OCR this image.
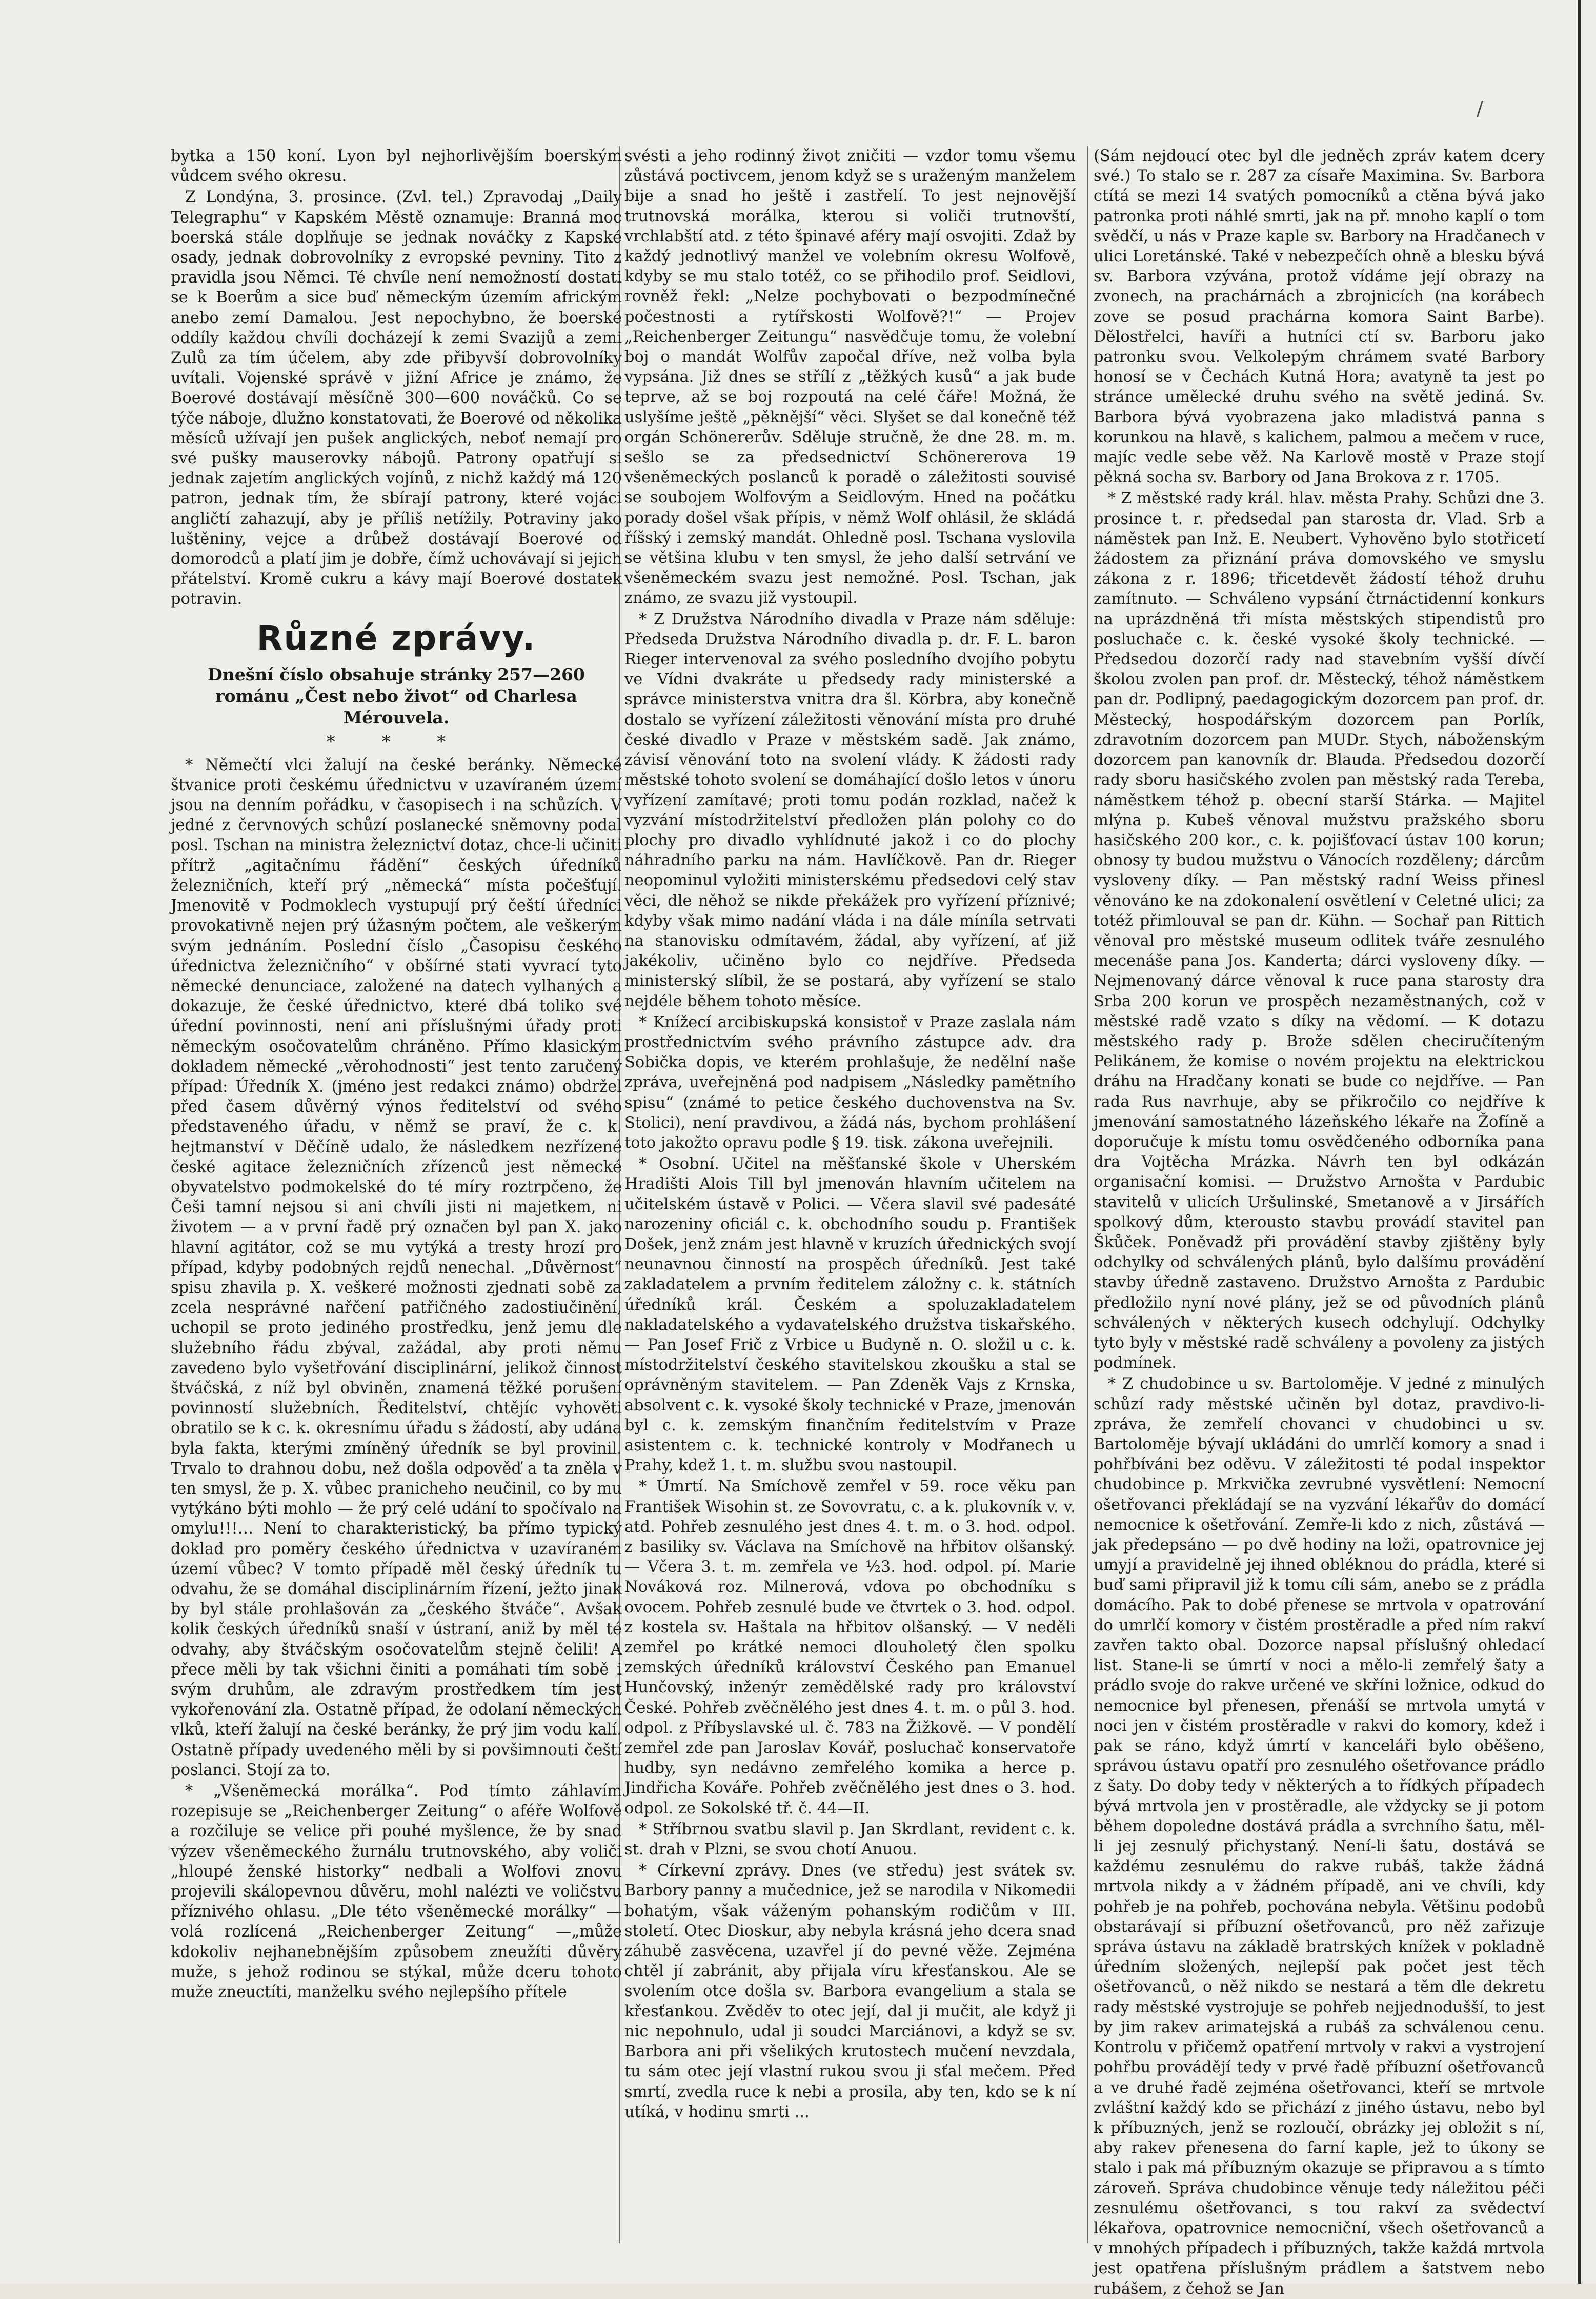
/

bytka a 150 koní. Lyon byl nejhorlivějším boerským vůdcem svého okresu.

Z Londýna, 3. prosince. (Zvl. tel.) Zpravodaj „Daily Telegraphu“ v Kapském Městě oznamuje: Branná moc boerská stále doplňuje se jednak nováčky z Kapské osady, jednak dobrovolníky z evropské pevniny. Tito z pravidla jsou Němci. Té chvíle není nemožností dostati se k Boerům a sice buď německým územím africkým anebo zemí Damalou. Jest nepochybno, že boerské oddíly každou chvíli docházejí k zemi Svazijů a zemi Zulů za tím účelem, aby zde přibyvší dobrovolníky uvítali. Vojenské správě v jižní Africe je známo, že Boerové dostávají měsíčně 300—600 nováčků. Co se týče náboje, dlužno konstatovati, že Boerové od několika měsíců užívají jen pušek anglických, neboť nemají pro své pušky mauserovky nábojů. Patrony opatřují si jednak zajetím anglických vojínů, z nichž každý má 120 patron, jednak tím, že sbírají patrony, které vojáci angličtí zahazují, aby je příliš netížily. Potraviny jako luštěniny, vejce a drůbež dostávají Boerové od domorodců a platí jim je dobře, čímž uchovávají si jejich přátelství. Kromě cukru a kávy mají Boerové dostatek potravin.

Různé zprávy.
Dnešní číslo obsahuje stránky 257—260 románu „Čest nebo život“ od Charlesa Mérouvela.
* * *

* Němečtí vlci žalují na české beránky. Německé štvanice proti českému úřednictvu v uzavíraném území jsou na denním pořádku, v časopisech i na schůzích. V jedné z červnových schůzí poslanecké sněmovny podal posl. Tschan na ministra železnictví dotaz, chce-li učiniti přítrž „agitačnímu řádění“ českých úředníků železničních, kteří prý „německá“ místa počešťují. Jmenovitě v Podmoklech vystupují prý čeští úředníci provokativně nejen prý úžasným počtem, ale veškerým svým jednáním. Poslední číslo „Časopisu českého úřednictva železničního“ v obšírné stati vyvrací tyto německé denunciace, založené na datech vylhaných a dokazuje, že české úřednictvo, které dbá toliko své úřední povinnosti, není ani příslušnými úřady proti německým osočovatelům chráněno. Přímo klasickým dokladem německé „věrohodnosti“ jest tento zaručený případ: Úředník X. (jméno jest redakci známo) obdržel před časem důvěrný výnos ředitelství od svého představeného úřadu, v němž se praví, že c. k. hejtmanství v Děčíně udalo, že následkem nezřízené české agitace železničních zřízenců jest německé obyvatelstvo podmokelské do té míry roztrpčeno, že Češi tamní nejsou si ani chvíli jisti ni majetkem, ni životem — a v první řadě prý označen byl pan X. jako hlavní agitátor, což se mu vytýká a tresty hrozí pro případ, kdyby podobných rejdů nenechal. „Důvěrnost“ spisu zhavila p. X. veškeré možnosti zjednati sobě za zcela nesprávné nařčení patřičného zadostiučinění, uchopil se proto jediného prostředku, jenž jemu dle služebního řádu zbýval, zažádal, aby proti němu zavedeno bylo vyšetřování disciplinární, jelikož činnost štváčská, z níž byl obviněn, znamená těžké porušení povinností služebních. Ředitelství, chtějíc vyhověti obratilo se k c. k. okresnímu úřadu s žádostí, aby udána byla fakta, kterými zmíněný úředník se byl provinil. Trvalo to drahnou dobu, než došla odpověď a ta zněla v ten smysl, že p. X. vůbec pranicheho neučinil, co by mu vytýkáno býti mohlo — že prý celé udání to spočívalo na omylu!!!… Není to charakteristický, ba přímo typický doklad pro poměry českého úřednictva v uzavíraném území vůbec? V tomto případě měl český úředník tu odvahu, že se domáhal disciplinárním řízení, ježto jinak by byl stále prohlašován za „českého štváče“. Avšak kolik českých úředníků snaší v ústraní, aniž by měl té odvahy, aby štváčským osočovatelům stejně čelili! A přece měli by tak všichni činiti a pomáhati tím sobě i svým druhům, ale zdravým prostředkem tím jest vykořenování zla. Ostatně případ, že odolaní německých vlků, kteří žalují na české beránky, že prý jim vodu kalí. Ostatně případy uvedeného měli by si povšimnouti čeští poslanci. Stojí za to.

* „Všeněmecká morálka“. Pod tímto záhlavím rozepisuje se „Reichenberger Zeitung“ o aféře Wolfově a rozčiluje se velice při pouhé myšlence, že by snad výzev všeněmeckého žurnálu trutnovského, aby voliči „hloupé ženské historky“ nedbali a Wolfovi znovu projevili skálopevnou důvěru, mohl nalézti ve voličstvu příznivého ohlasu. „Dle této všeněmecké morálky“ — volá rozlícená „Reichenberger Zeitung“ —„může kdokoliv nejhanebnějším způsobem zneužíti důvěry muže, s jehož rodinou se stýkal, může dceru tohoto muže zneuctíti, manželku svého nejlepšího přítele

svésti a jeho rodinný život zničiti — vzdor tomu všemu zůstává poctivcem, jenom když se s uraženým manželem bije a snad ho ještě i zastřelí. To jest nejnovější trutnovská morálka, kterou si voliči trutnovští, vrchlabští atd. z této špinavé aféry mají osvojiti. Zdaž by každý jednotlivý manžel ve volebním okresu Wolfově, kdyby se mu stalo totéž, co se přihodilo prof. Seidlovi, rovněž řekl: „Nelze pochybovati o bezpodmínečné počestnosti a rytířskosti Wolfově?!“ — Projev „Reichenberger Zeitungu“ nasvědčuje tomu, že volební boj o mandát Wolfův započal dříve, než volba byla vypsána. Již dnes se střílí z „těžkých kusů“ a jak bude teprve, až se boj rozpoutá na celé čáře! Možná, že uslyšíme ještě „pěknější“ věci. Slyšet se dal konečně též orgán Schönererův. Sděluje stručně, že dne 28. m. m. sešlo se za předsednictví Schönererova 19 všeněmeckých poslanců k poradě o záležitosti souvisé se soubojem Wolfovým a Seidlovým. Hned na počátku porady došel však přípis, v němž Wolf ohlásil, že skládá říšský i zemský mandát. Ohledně posl. Tschana vyslovila se většina klubu v ten smysl, že jeho další setrvání ve všeněmeckém svazu jest nemožné. Posl. Tschan, jak známo, ze svazu již vystoupil.

* Z Družstva Národního divadla v Praze nám sděluje: Předseda Družstva Národního divadla p. dr. F. L. baron Rieger intervenoval za svého posledního dvojího pobytu ve Vídni dvakráte u předsedy rady ministerské a správce ministerstva vnitra dra šl. Körbra, aby konečně dostalo se vyřízení záležitosti věnování místa pro druhé české divadlo v Praze v městském sadě. Jak známo, závisí věnování toto na svolení vlády. K žádosti rady městské tohoto svolení se domáhající došlo letos v únoru vyřízení zamítavé; proti tomu podán rozklad, načež k vyzvání místodržitelství předložen plán polohy co do plochy pro divadlo vyhlídnuté jakož i co do plochy náhradního parku na nám. Havlíčkově. Pan dr. Rieger neopominul vyložiti ministerskému předsedovi celý stav věci, dle něhož se nikde překážek pro vyřízení příznivé; kdyby však mimo nadání vláda i na dále míníla setrvati na stanovisku odmítavém, žádal, aby vyřízení, ať již jakékoliv, učiněno bylo co nejdříve. Předseda ministerský slíbil, že se postará, aby vyřízení se stalo nejdéle během tohoto měsíce.

* Knížecí arcibiskupská konsistoř v Praze zaslala nám prostřednictvím svého právního zástupce adv. dra Sobička dopis, ve kterém prohlašuje, že nedělní naše zpráva, uveřejněná pod nadpisem „Následky pamětního spisu“ (známé to petice českého duchovenstva na Sv. Stolici), není pravdivou, a žádá nás, bychom prohlášení toto jakožto opravu podle § 19. tisk. zákona uveřejnili.

* Osobní. Učitel na měšťanské škole v Uherském Hradišti Alois Till byl jmenován hlavním učitelem na učitelském ústavě v Polici. — Včera slavil své padesáté narozeniny oficiál c. k. obchodního soudu p. František Došek, jenž znám jest hlavně v kruzích úřednických svojí neunavnou činností na prospěch úředníků. Jest také zakladatelem a prvním ředitelem záložny c. k. státních úředníků král. Českém a spoluzakladatelem nakladatelského a vydavatelského družstva tiskařského. — Pan Josef Frič z Vrbice u Budyně n. O. složil u c. k. místodržitelství českého stavitelskou zkoušku a stal se oprávněným stavitelem. — Pan Zdeněk Vajs z Krnska, absolvent c. k. vysoké školy technické v Praze, jmenován byl c. k. zemským finančním ředitelstvím v Praze asistentem c. k. technické kontroly v Modřanech u Prahy, kdež 1. t. m. službu svou nastoupil.

* Úmrtí. Na Smíchově zemřel v 59. roce věku pan František Wisohin st. ze Sovovratu, c. a k. plukovník v. v. atd. Pohřeb zesnulého jest dnes 4. t. m. o 3. hod. odpol. z basiliky sv. Václava na Smíchově na hřbitov olšanský. — Včera 3. t. m. zemřela ve ½3. hod. odpol. pí. Marie Nováková roz. Milnerová, vdova po obchodníku s ovocem. Pohřeb zesnulé bude ve čtvrtek o 3. hod. odpol. z kostela sv. Haštala na hřbitov olšanský. — V neděli zemřel po krátké nemoci dlouholetý člen spolku zemských úředníků království Českého pan Emanuel Hunčovský, inženýr zemědělské rady pro království České. Pohřeb zvěčnělého jest dnes 4. t. m. o půl 3. hod. odpol. z Příbyslavské ul. č. 783 na Žižkově. — V pondělí zemřel zde pan Jaroslav Kovář, posluchač konservatoře hudby, syn nedávno zemřelého komika a herce p. Jindřicha Kováře. Pohřeb zvěčnělého jest dnes o 3. hod. odpol. ze Sokolské tř. č. 44—II.

* Stříbrnou svatbu slavil p. Jan Skrdlant, revident c. k. st. drah v Plzni, se svou chotí Anuou.

* Církevní zprávy. Dnes (ve středu) jest svátek sv. Barbory panny a mučednice, jež se narodila v Nikomedii bohatým, však váženým pohanským rodičům v III. století. Otec Dioskur, aby nebyla krásná jeho dcera snad záhubě zasvěcena, uzavřel jí do pevné věže. Zejména chtěl jí zabránit, aby přijala víru křesťanskou. Ale se svolením otce došla sv. Barbora evangelium a stala se křesťankou. Zvěděv to otec její, dal ji mučit, ale když ji nic nepohnulo, udal ji soudci Marciánovi, a když se sv. Barbora ani při všelikých krutostech mučení nevzdala, tu sám otec její vlastní rukou svou ji sťal mečem. Před smrtí, zvedla ruce k nebi a prosila, aby ten, kdo se k ní utíká, v hodinu smrti ...

(Sám nejdoucí otec byl dle jedněch zpráv katem dcery své.) To stalo se r. 287 za císaře Maximina. Sv. Barbora ctítá se mezi 14 svatých pomocníků a ctěna bývá jako patronka proti náhlé smrti, jak na př. mnoho kaplí o tom svědčí, u nás v Praze kaple sv. Barbory na Hradčanech v ulici Loretánské. Také v nebezpečích ohně a blesku bývá sv. Barbora vzývána, protož vídáme její obrazy na zvonech, na prachárnách a zbrojnicích (na korábech zove se posud prachárna komora Saint Barbe). Dělostřelci, havíři a hutníci ctí sv. Barboru jako patronku svou. Velkolepým chrámem svaté Barbory honosí se v Čechách Kutná Hora; avatyně ta jest po stránce umělecké druhu svého na světě jediná. Sv. Barbora bývá vyobrazena jako mladistvá panna s korunkou na hlavě, s kalichem, palmou a mečem v ruce, majíc vedle sebe věž. Na Karlově mostě v Praze stojí pěkná socha sv. Barbory od Jana Brokova z r. 1705.

* Z městské rady král. hlav. města Prahy. Schůzi dne 3. prosince t. r. předsedal pan starosta dr. Vlad. Srb a náměstek pan Inž. E. Neubert. Vyhověno bylo stotřicetí žádostem za přiznání práva domovského ve smyslu zákona z r. 1896; třicetdevět žádostí téhož druhu zamítnuto. — Schváleno vypsání čtrnáctidenní konkurs na uprázdněná tři místa městských stipendistů pro posluchače c. k. české vysoké školy technické. — Předsedou dozorčí rady nad stavebním vyšší dívčí školou zvolen pan prof. dr. Městecký, téhož náměstkem pan dr. Podlipný, paedagogickým dozorcem pan prof. dr. Městecký, hospodářským dozorcem pan Porlík, zdravotním dozorcem pan MUDr. Stych, náboženským dozorcem pan kanovník dr. Blauda. Předsedou dozorčí rady sboru hasičského zvolen pan městský rada Tereba, náměstkem téhož p. obecní starší Stárka. — Majitel mlýna p. Kubeš věnoval mužstvu pražského sboru hasičského 200 kor., c. k. pojišťovací ústav 100 korun; obnosy ty budou mužstvu o Vánocích rozděleny; dárcům vysloveny díky. — Pan městský radní Weiss přinesl věnováno ke na zdokonalení osvětlení v Celetné ulici; za totéž přimlouval se pan dr. Kühn. — Sochař pan Rittich věnoval pro městské museum odlitek tváře zesnulého mecenáše pana Jos. Kanderta; dárci vysloveny díky. — Nejmenovaný dárce věnoval k ruce pana starosty dra Srba 200 korun ve prospěch nezaměstnaných, což v městské radě vzato s díky na vědomí. — K dotazu městského rady p. Brože sdělen checiručíteným Pelikánem, že komise o novém projektu na elektrickou dráhu na Hradčany konati se bude co nejdříve. — Pan rada Rus navrhuje, aby se přikročilo co nejdříve k jmenování samostatného lázeňského lékaře na Žofíně a doporučuje k místu tomu osvědčeného odborníka pana dra Vojtěcha Mrázka. Návrh ten byl odkázán organisační komisi. — Družstvo Arnošta v Pardubic stavitelů v ulicích Uršulinské, Smetanově a v Jirsářích spolkový dům, kterousto stavbu provádí stavitel pan Škůček. Poněvadž při provádění stavby zjištěny byly odchylky od schválených plánů, bylo dalšímu provádění stavby úředně zastaveno. Družstvo Arnošta z Pardubic předložilo nyní nové plány, jež se od původních plánů schválených v některých kusech odchylují. Odchylky tyto byly v městské radě schváleny a povoleny za jistých podmínek.

* Z chudobince u sv. Bartoloměje. V jedné z minulých schůzí rady městské učiněn byl dotaz, pravdivo-li-zpráva, že zemřelí chovanci v chudobinci u sv. Bartoloměje bývají ukládáni do umrlčí komory a snad i pohřbíváni bez oděvu. V záležitosti té podal inspektor chudobince p. Mrkvička zevrubné vysvětlení: Nemocní ošetřovanci překládají se na vyzvání lékařův do domácí nemocnice k ošetřování. Zemře-li kdo z nich, zůstává — jak předepsáno — po dvě hodiny na loži, opatrovnice jej umyjí a pravidelně jej ihned obléknou do prádla, které si buď sami připravil již k tomu cíli sám, anebo se z prádla domácího. Pak to dobé přenese se mrtvola v opatrování do umrlčí komory v čistém prostěradle a před ním rakví zavřen takto obal. Dozorce napsal příslušný ohledací list. Stane-li se úmrtí v noci a mělo-li zemřelý šaty a prádlo svoje do rakve určené ve skříni ložnice, odkud do nemocnice byl přenesen, přenáší se mrtvola umytá v noci jen v čistém prostěradle v rakvi do komory, kdež i pak se ráno, když úmrtí v kanceláři bylo oběšeno, správou ústavu opatří pro zesnulého ošetřovance prádlo z šaty. Do doby tedy v některých a to řídkých případech bývá mrtvola jen v prostěradle, ale vždycky se ji potom během dopoledne dostává prádla a svrchního šatu, měl-li jej zesnulý přichystaný. Není-li šatu, dostává se každému zesnulému do rakve rubáš, takže žádná mrtvola nikdy a v žádném případě, ani ve chvíli, kdy pohřeb je na pohřeb, pochována nebyla. Většinu podobů obstarávají si příbuzní ošetřovanců, pro něž zařizuje správa ústavu na základě bratrských knížek v pokladně úředním složených, nejlepší pak počet jest těch ošetřovanců, o něž nikdo se nestará a těm dle dekretu rady městské vystrojuje se pohřeb nejjednodušší, to jest by jim rakev arimatejská a rubáš za schválenou cenu. Kontrolu v přičemž opatření mrtvoly v rakvi a vystrojení pohřbu provádějí tedy v prvé řadě příbuzní ošetřovanců a ve druhé řadě zejména ošetřovanci, kteří se mrtvole zvláštní každý kdo se přichází z jiného ústavu, nebo byl k příbuzných, jenž se rozloučí, obrázky jej obložit s ní, aby rakev přenesena do farní kaple, jež to úkony se stalo i pak má příbuzným okazuje se připravou a s tímto zároveň. Správa chudobince věnuje tedy náležitou péči zesnulému ošetřovanci, s tou rakví za svědectví lékařova, opatrovnice nemocniční, všech ošetřovanců a v mnohých případech i příbuzných, takže každá mrtvola jest opatřena příslušným prádlem a šatstvem nebo rubášem, z čehož se Jan
